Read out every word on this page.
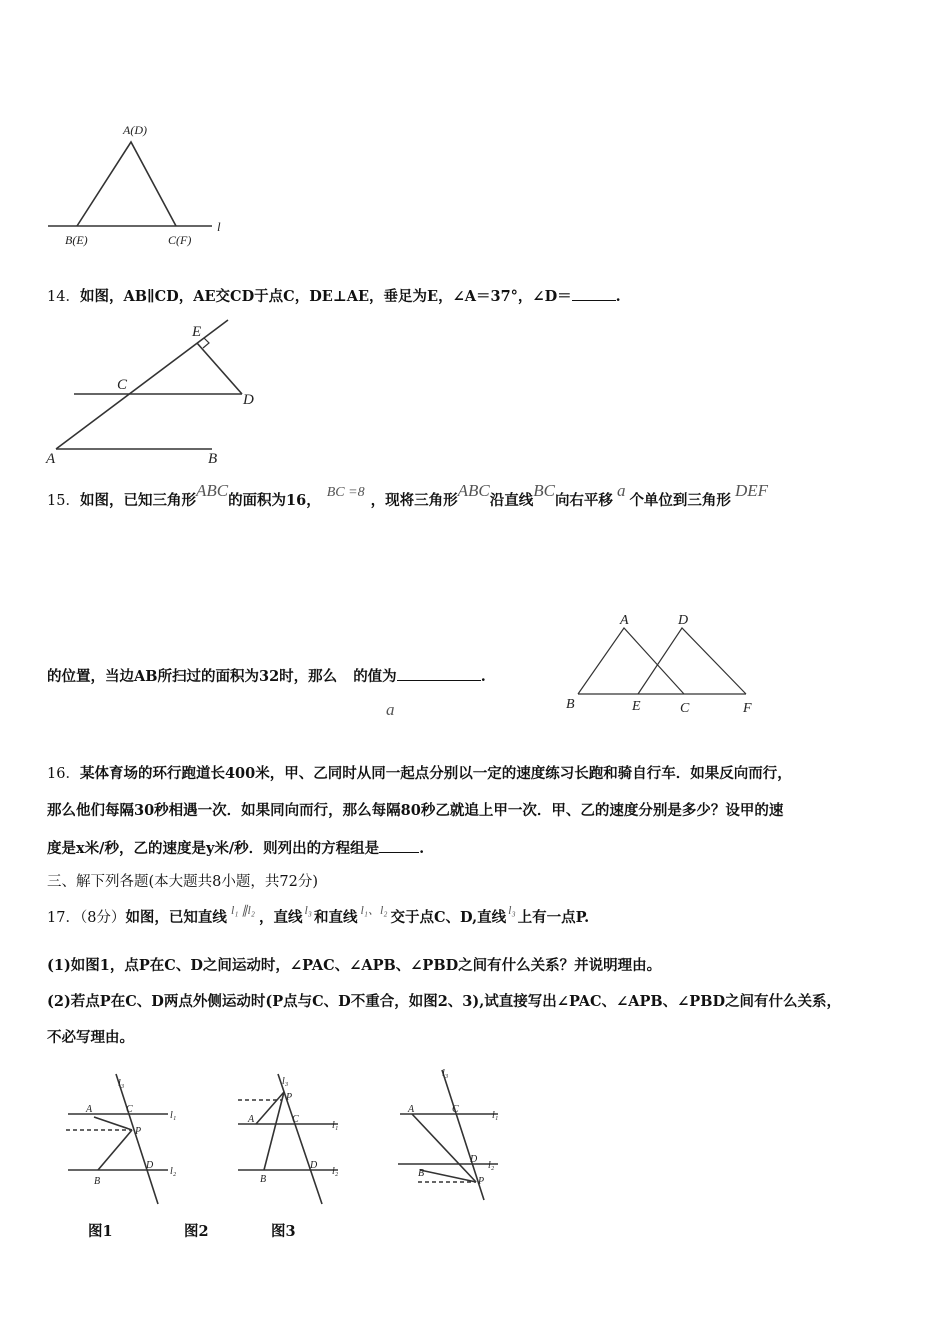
A(D)
B(E)	C(F)
l
14．如图，AB∥CD，AE交CD于点C，DE⊥AE，垂足为E，∠A＝37°，∠D＝	.
E
C
D
A	B
15．如图，已知三角形ABC的面积为16， BC =8 ，现将三角形ABC沿直线BC向右平移a个单位到三角形DEF
的位置，当边AB所扫过的面积为32时，那么 的值为	.
a
A	D
B	E	C	F
16．某体育场的环行跑道长400米，甲、乙同时从同一起点分别以一定的速度练习长跑和骑自行车．如果反向而行，
那么他们每隔30秒相遇一次．如果同向而行，那么每隔80秒乙就追上甲一次．甲、乙的速度分别是多少？设甲的速
度是x米/秒，乙的速度是y米/秒．则列出的方程组是	.
三、解下列各题(本大题共8小题，共72分)
17．（8分）如图，已知直线 $^{l_1 \parallel l_2}$ ，直线 $^{l_3}$ 和直线 $^{l_1、l_2}$ 交于点C、D,直线 $^{l_3}$ 上有一点P.
(1)如图1，点P在C、D之间运动时，∠PAC、∠APB、∠PBD之间有什么关系？并说明理由。
(2)若点P在C、D两点外侧运动时(P点与C、D不重合，如图2、3),试直接写出∠PAC、∠APB、∠PBD之间有什么关系，
不必写理由。
l₃
l₁
l₂
A	C
P
D
B
l₃
P
A	C
l₁
D
l₂
B
l₃
A	C
l₁
D
l₂
B
P
图1	图2	图3
